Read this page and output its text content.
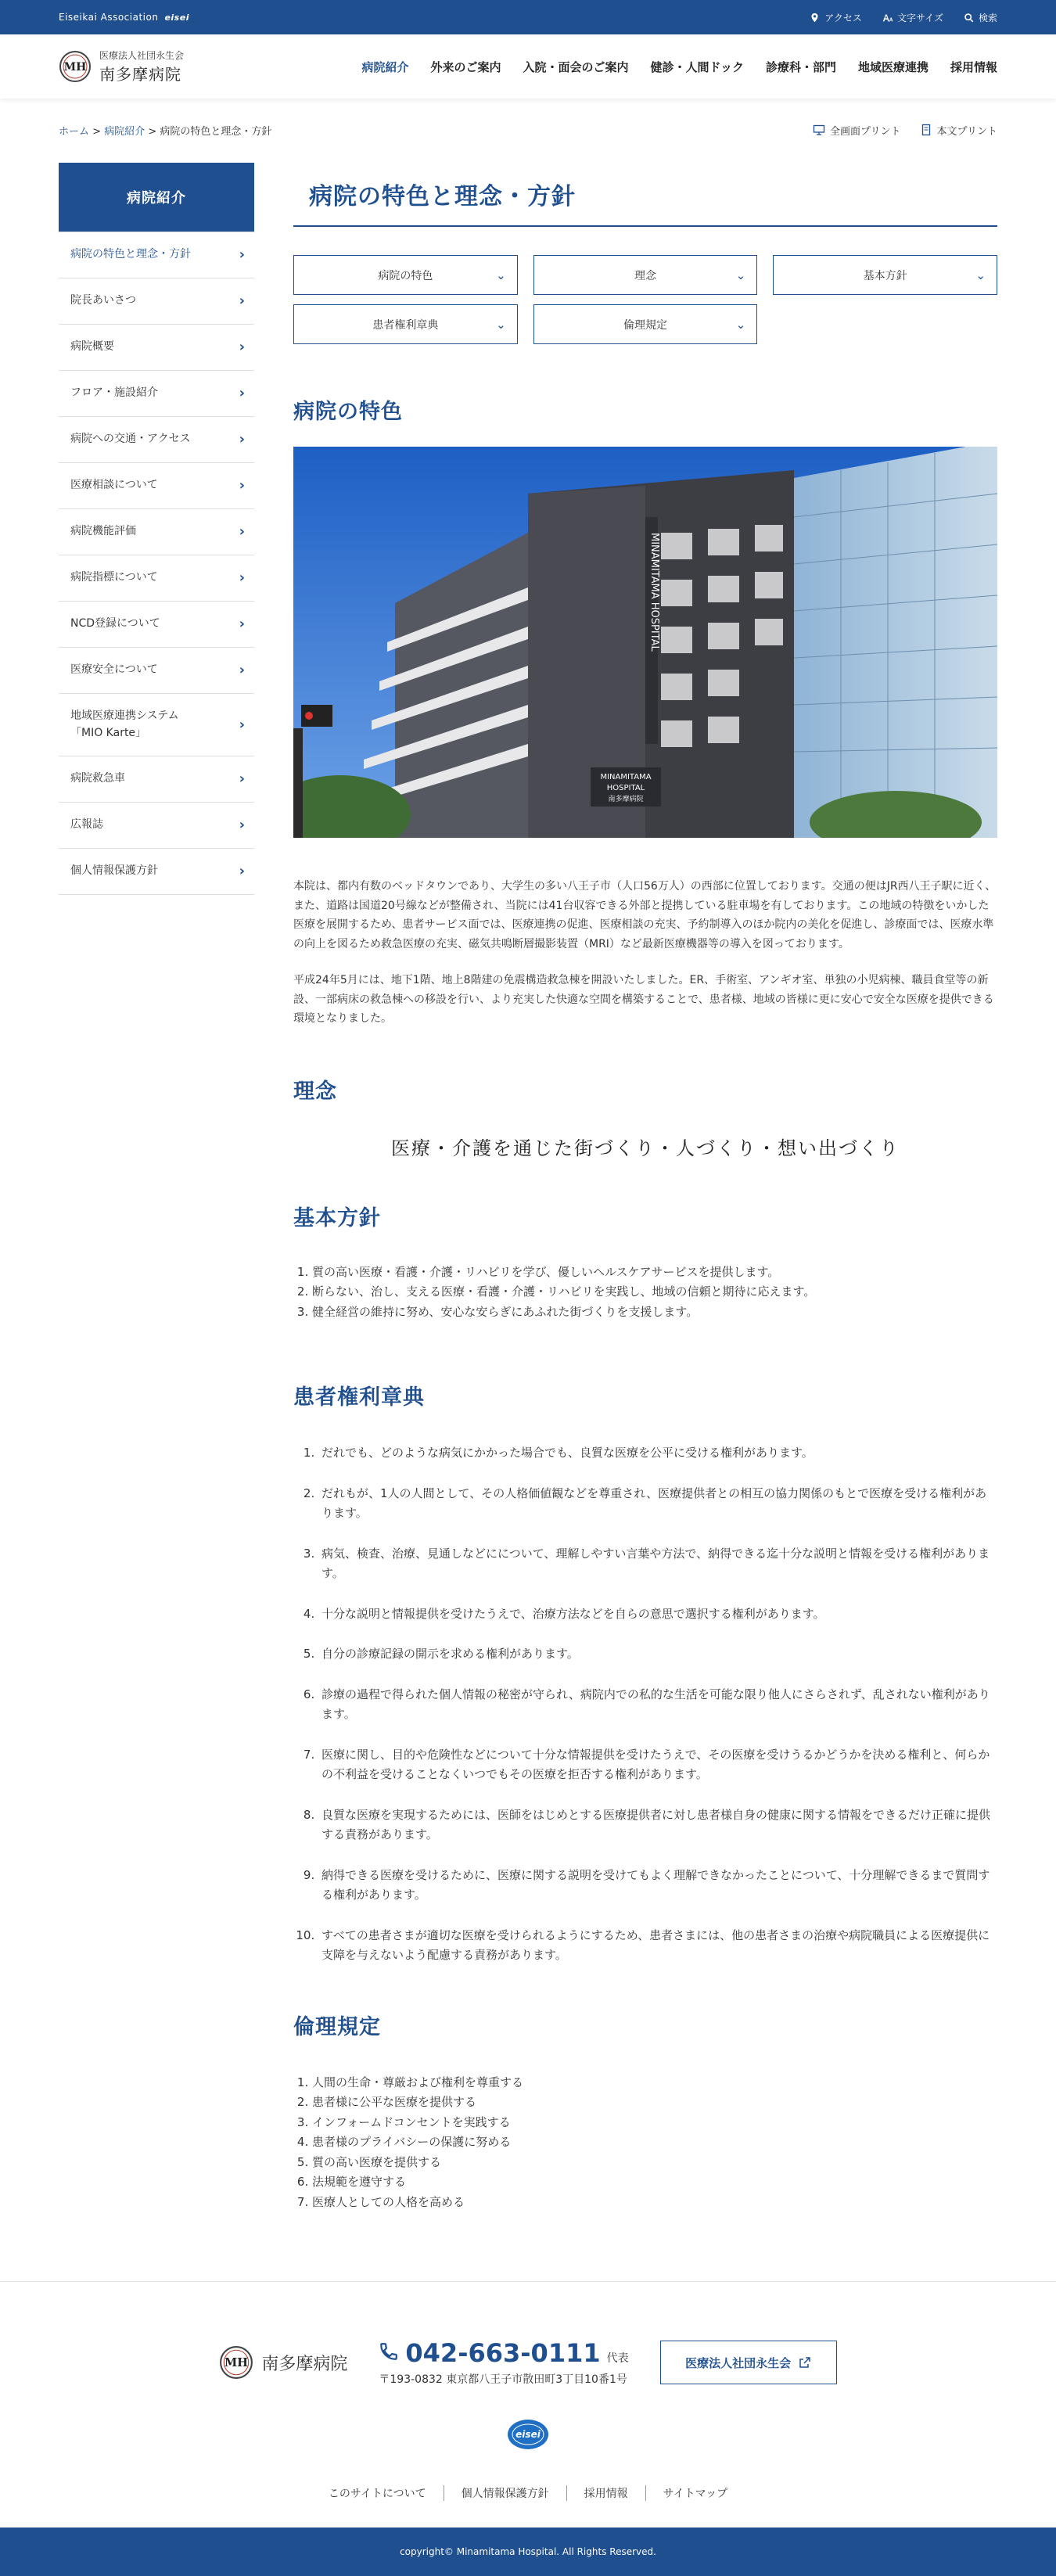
Eiseikai Association eisei	アクセス	文字サイズ	検索
MH
医療法人社団永生会
南多摩病院	病院紹介 外来のご案内 入院・面会のご案内 健診・人間ドック 診療科・部門 地域医療連携 採用情報
ホーム > 病院紹介 > 病院の特色と理念・方針	全画面プリント	本文プリント
病院紹介
病院の特色と理念・方針	›
院長あいさつ	›
病院概要	›
フロア・施設紹介	›
病院への交通・アクセス	›
医療相談について	›
病院機能評価	›
病院指標について	›
NCD登録について	›
医療安全について	›
地域医療連携システム
「MIO Karte」	›
病院救急車	›
広報誌	›
個人情報保護方針	›
病院の特色と理念・方針
病院の特色	⌄	理念	⌄	基本方針	⌄
患者権利章典	⌄	倫理規定	⌄
病院の特色
MINAMITAMA HOSPITAL
MINAMITAMA
HOSPITAL
南多摩病院

本院は、都内有数のベッドタウンであり、大学生の多い八王子市（人口56万人）の西部に位置しております。交通の便はJR西八王子駅に近く、また、道路は国道20号線などが整備され、当院には41台収容できる外部と提携している駐車場を有しております。この地域の特徴をいかした医療を展開するため、患者サービス面では、医療連携の促進、医療相談の充実、予約制導入のほか院内の美化を促進し、診療面では、医療水準の向上を図るため救急医療の充実、磁気共鳴断層撮影装置（MRI）など最新医療機器等の導入を図っております。

平成24年5月には、地下1階、地上8階建の免震構造救急棟を開設いたしました。ER、手術室、アンギオ室、単独の小児病棟、職員食堂等の新設、一部病床の救急棟への移設を行い、より充実した快適な空間を構築することで、患者様、地域の皆様に更に安心で安全な医療を提供できる環境となりました。

理念

医療・介護を通じた街づくり・人づくり・想い出づくり

基本方針
1. 質の高い医療・看護・介護・リハビリを学び、優しいヘルスケアサービスを提供します。
2. 断らない、治し、支える医療・看護・介護・リハビリを実践し、地域の信頼と期待に応えます。
3. 健全経営の維持に努め、安心な安らぎにあふれた街づくりを支援します。
患者権利章典
1. だれでも、どのような病気にかかった場合でも、良質な医療を公平に受ける権利があります。
2. だれもが、1人の人間として、その人格価値観などを尊重され、医療提供者との相互の協力関係のもとで医療を受ける権利があります。
3. 病気、検査、治療、見通しなどにについて、理解しやすい言葉や方法で、納得できる迄十分な説明と情報を受ける権利があります。
4. 十分な説明と情報提供を受けたうえで、治療方法などを自らの意思で選択する権利があります。
5. 自分の診療記録の開示を求める権利があります。
6. 診療の過程で得られた個人情報の秘密が守られ、病院内での私的な生活を可能な限り他人にさらされず、乱されない権利があります。
7. 医療に関し、目的や危険性などについて十分な情報提供を受けたうえで、その医療を受けうるかどうかを決める権利と、何らかの不利益を受けることなくいつでもその医療を拒否する権利があります。
8. 良質な医療を実現するためには、医師をはじめとする医療提供者に対し患者様自身の健康に関する情報をできるだけ正確に提供する責務があります。
9. 納得できる医療を受けるために、医療に関する説明を受けてもよく理解できなかったことについて、十分理解できるまで質問する権利があります。
10. すべての患者さまが適切な医療を受けられるようにするため、患者さまには、他の患者さまの治療や病院職員による医療提供に支障を与えないよう配慮する責務があります。
倫理規定
1. 人間の生命・尊厳および権利を尊重する
2. 患者様に公平な医療を提供する
3. インフォームドコンセントを実践する
4. 患者様のプライバシーの保護に努める
5. 質の高い医療を提供する
6. 法規範を遵守する
7. 医療人としての人格を高める
MH 南多摩病院 042-663-0111 代表
〒193-0832 東京都八王子市散田町3丁目10番1号
医療法人社団永生会
eisei
このサイトについて	個人情報保護方針	採用情報	サイトマップ
copyright© Minamitama Hospital. All Rights Reserved.
